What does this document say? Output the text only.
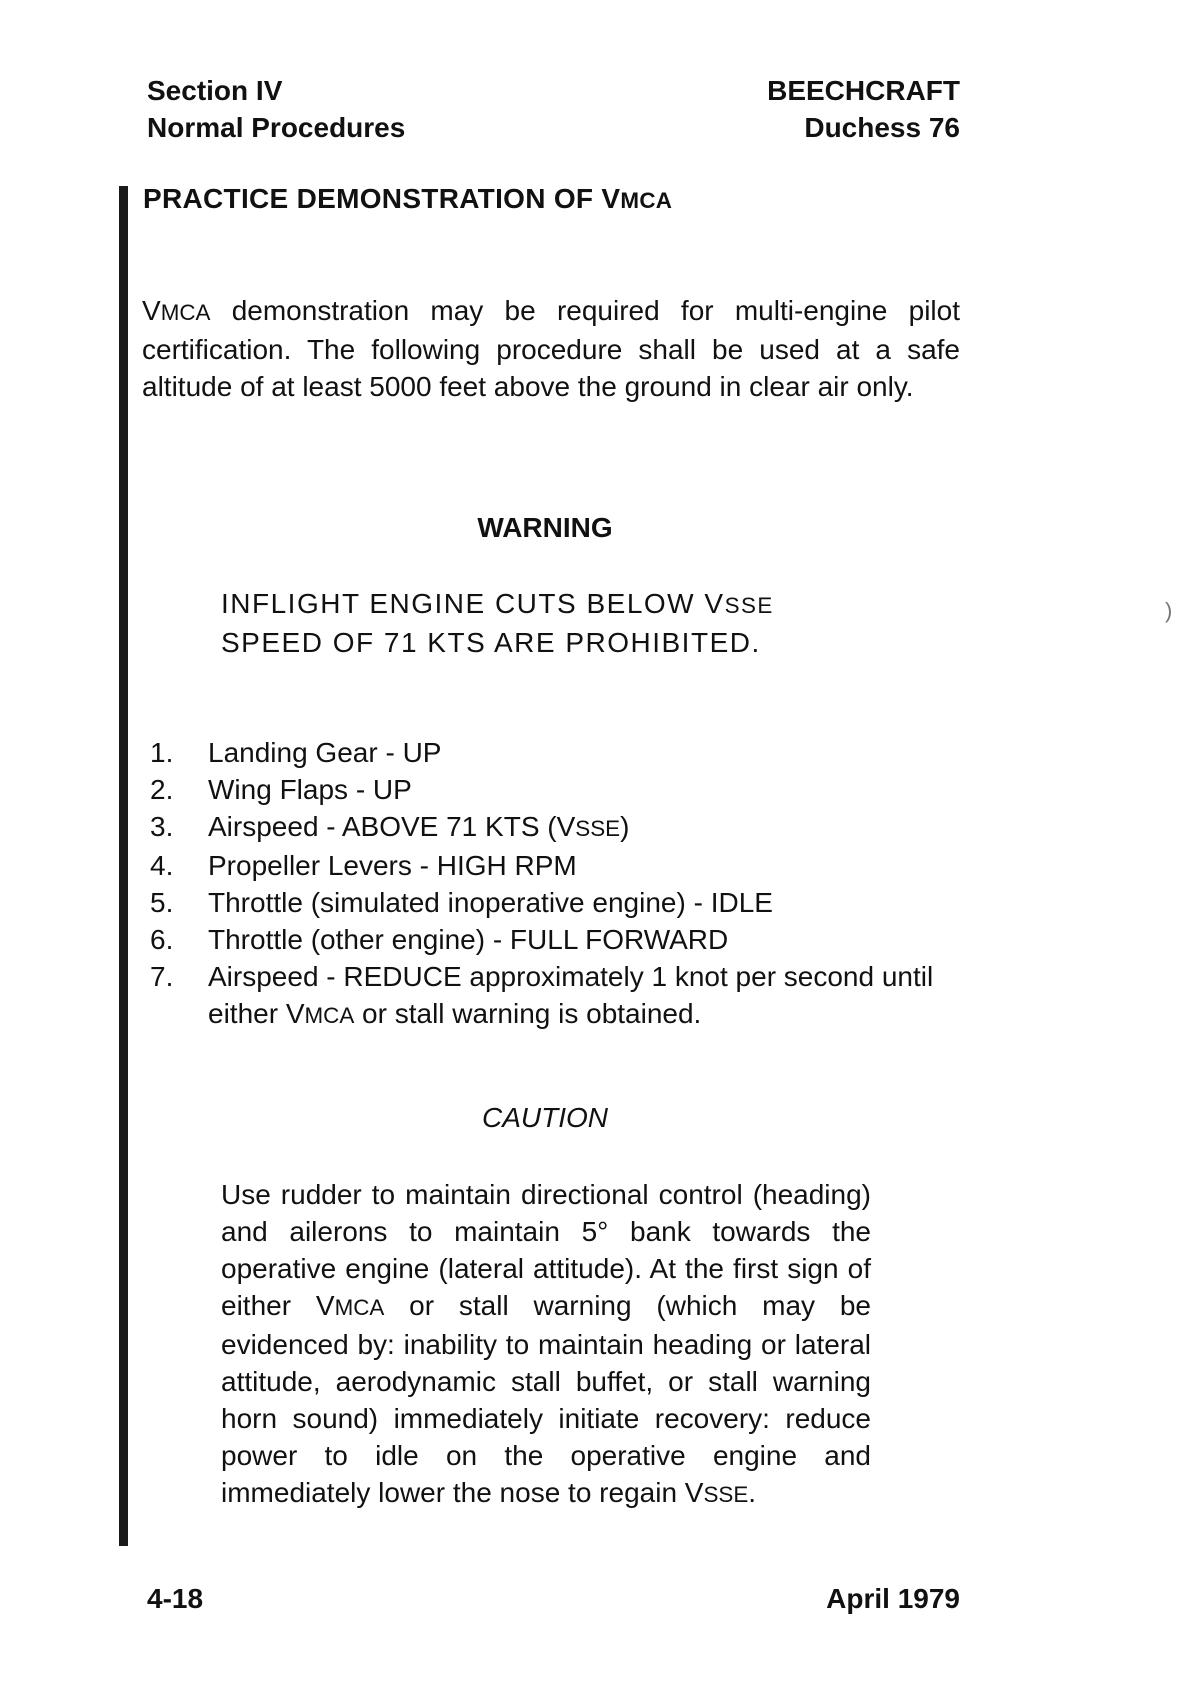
Section IV
Normal Procedures
BEECHCRAFT
Duchess 76
PRACTICE DEMONSTRATION OF VMCA
VMCA demonstration may be required for multi-engine pilot certification. The following procedure shall be used at a safe altitude of at least 5000 feet above the ground in clear air only.
WARNING
INFLIGHT ENGINE CUTS BELOW VSSE
SPEED OF 71 KTS ARE PROHIBITED.
1.	Landing Gear - UP
2.	Wing Flaps - UP
3.	Airspeed - ABOVE 71 KTS (VSSE)
4.	Propeller Levers - HIGH RPM
5.	Throttle (simulated inoperative engine) - IDLE
6.	Throttle (other engine) - FULL FORWARD
7.	Airspeed - REDUCE approximately 1 knot per second until either VMCA or stall warning is obtained.
CAUTION
Use rudder to maintain directional control (heading) and ailerons to maintain 5° bank towards the operative engine (lateral attitude). At the first sign of either VMCA or stall warning (which may be evidenced by: inability to maintain heading or lateral attitude, aerodynamic stall buffet, or stall warning horn sound) immediately initiate recovery: reduce power to idle on the operative engine and immediately lower the nose to regain VSSE.
4-18	April 1979
)
